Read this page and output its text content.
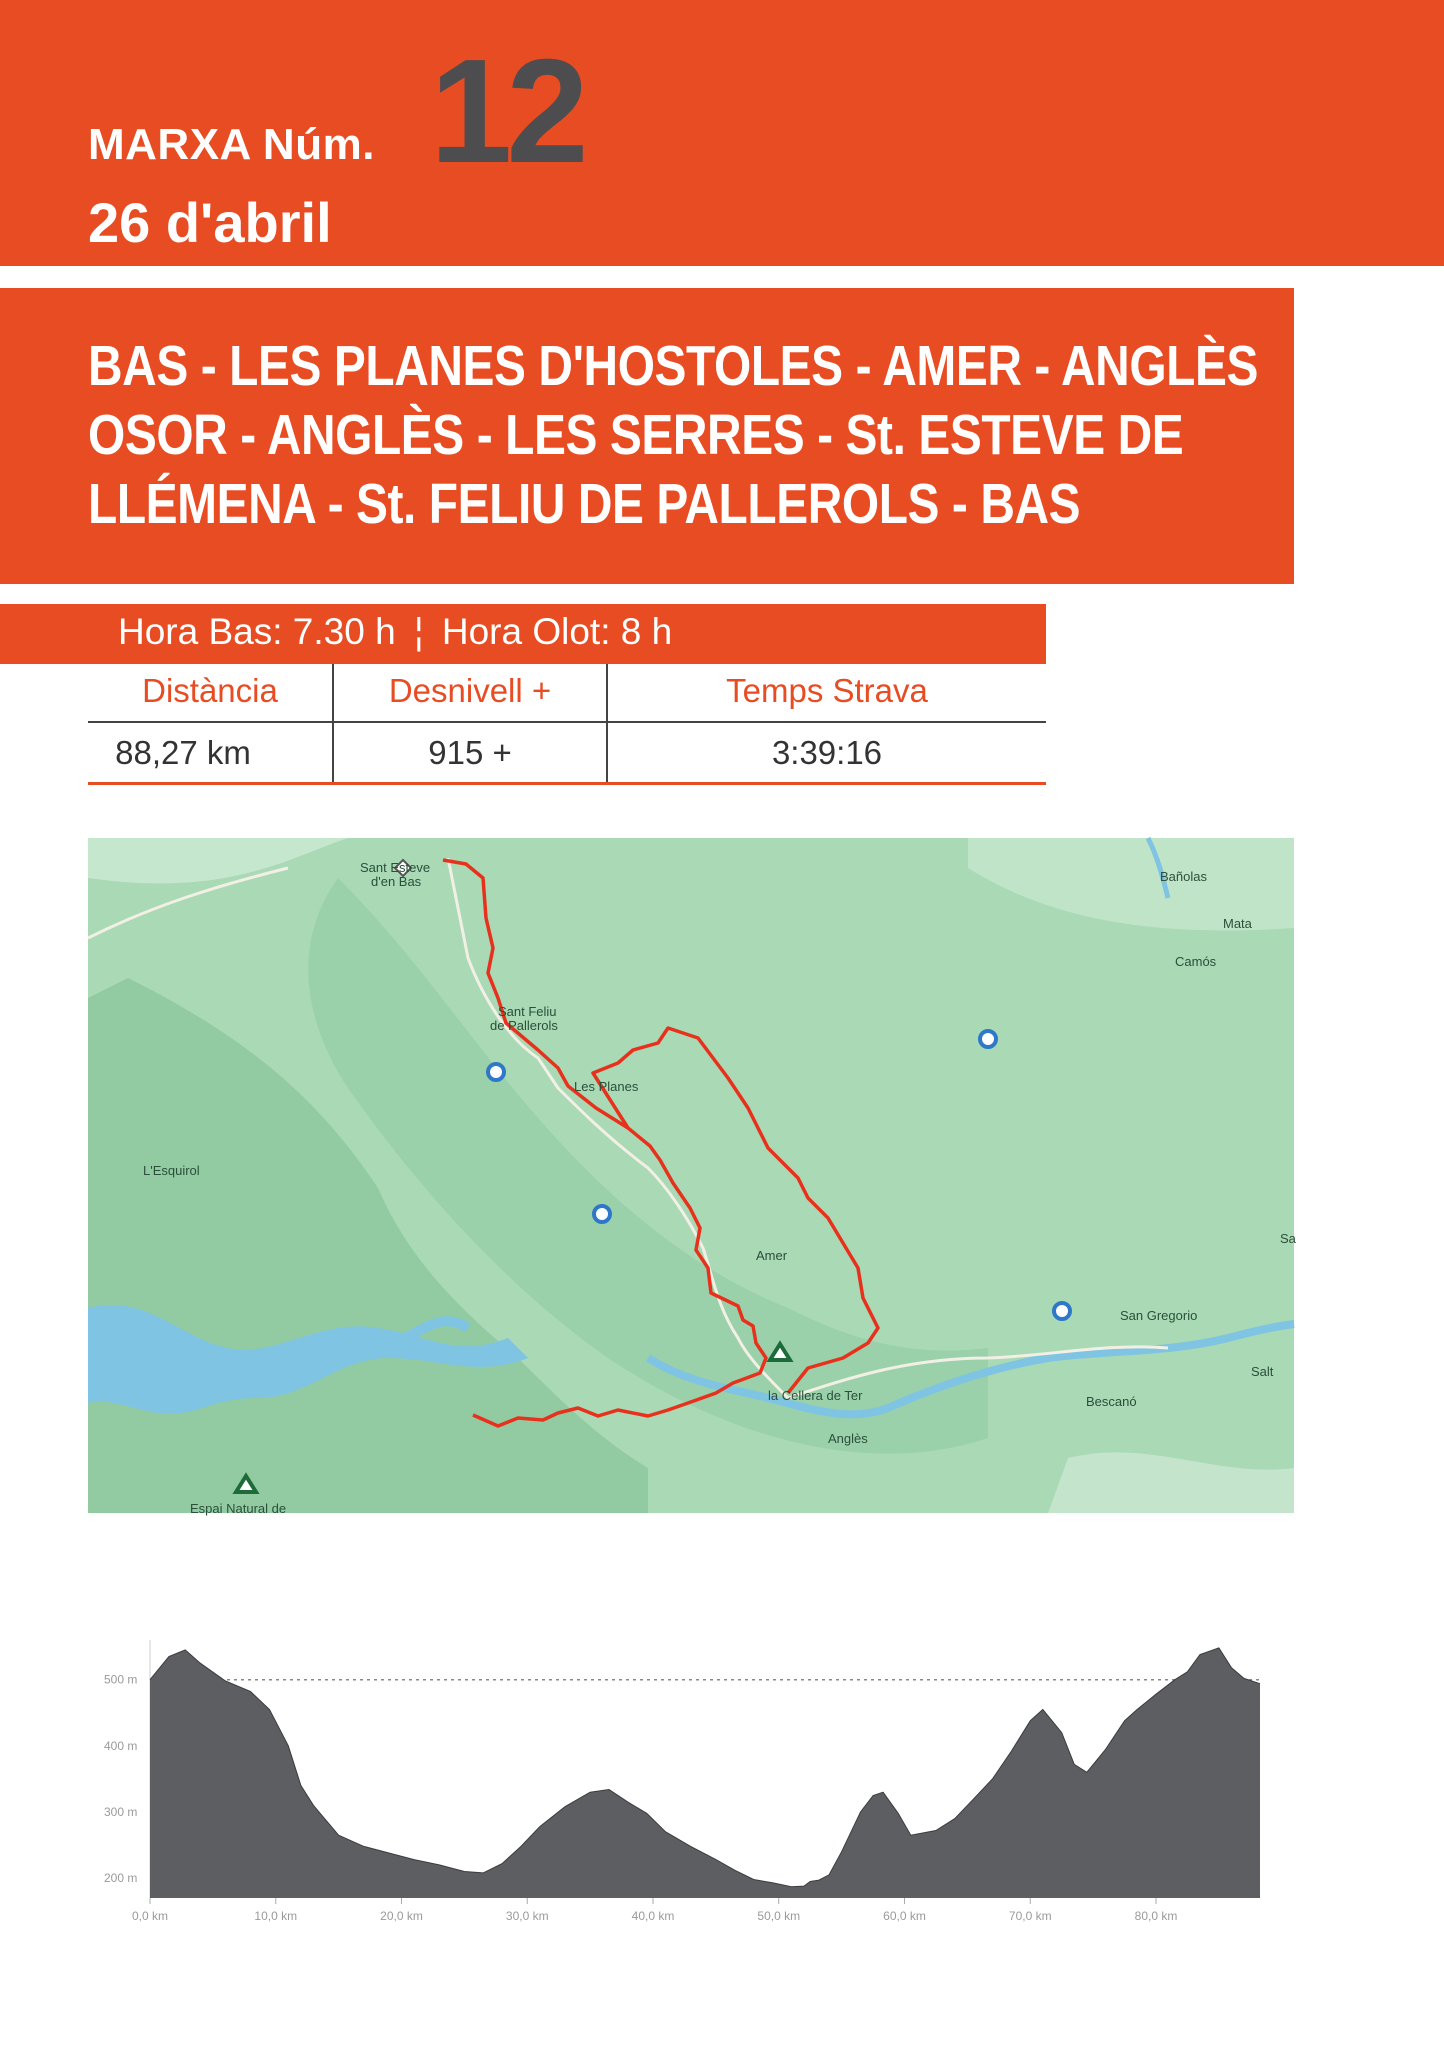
MARXA Núm. 12
26 d'abril
BAS - LES PLANES D'HOSTOLES - AMER - ANGLÈS
OSOR - ANGLÈS - LES SERRES - St. ESTEVE DE
LLÉMENA - St. FELIU DE PALLEROLS - BAS
Hora Bas: 7.30 h ¦ Hora Olot: 8 h
Distància	Desnivell +	Temps Strava
88,27 km	915 +	3:39:16
Sant Esteve
d'en Bas
Sant Feliu
de Pallerols
Les Planes
L'Esquirol
Amer
la Cellera de Ter
Anglès
Bañolas
Mata
Camós
San Gregorio
Salt
Bescanó
Sa
Espai Natural de
500 m
400 m
300 m
200 m
0,0 km	10,0 km	20,0 km	30,0 km	40,0 km	50,0 km	60,0 km	70,0 km	80,0 km
